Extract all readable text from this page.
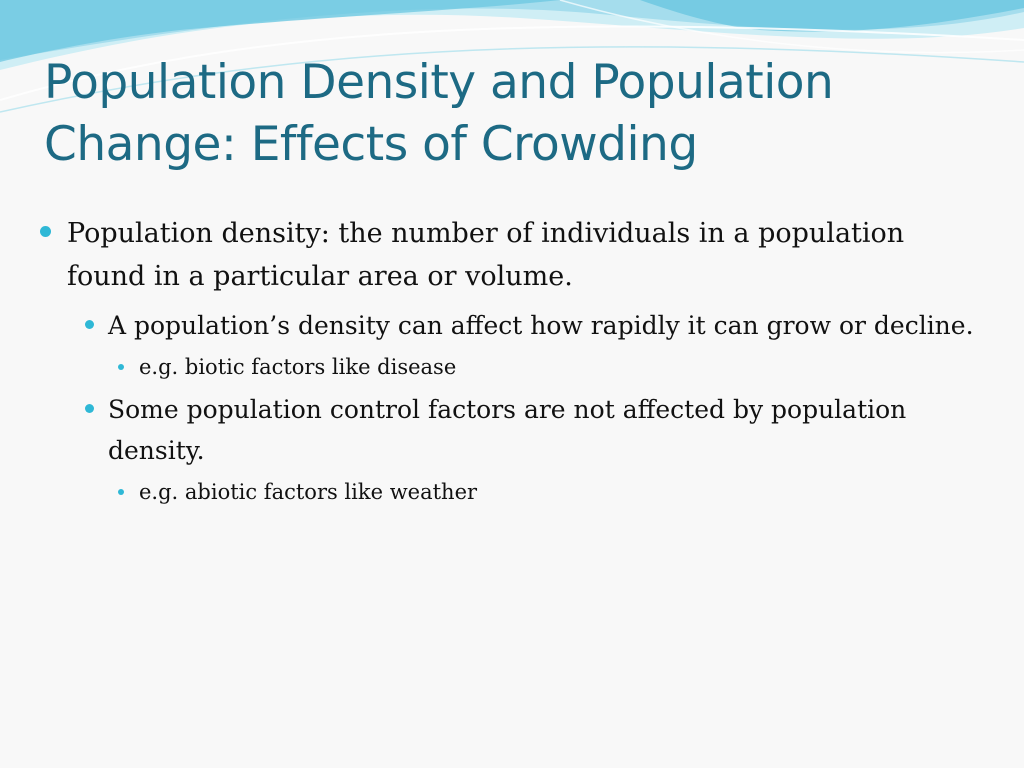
Population Density and Population Change: Effects of Crowding
Population density: the number of individuals in a population found in a particular area or volume.
A population’s density can affect how rapidly it can grow or decline.
e.g. biotic factors like disease
Some population control factors are not affected by population density.
e.g. abiotic factors like weather
